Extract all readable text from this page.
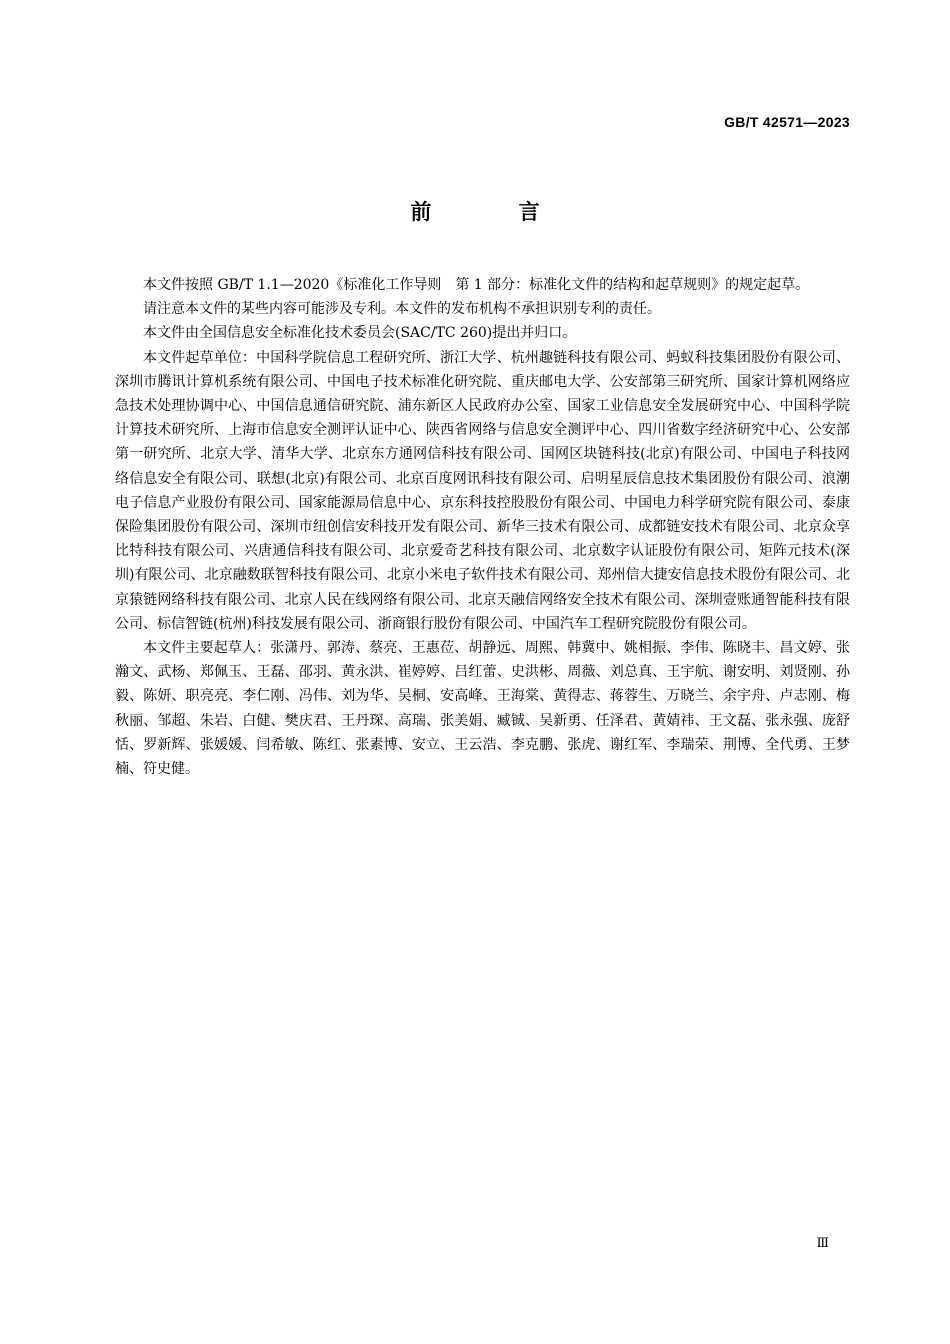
GB/T 42571—2023
前 言

本文件按照 GB/T 1.1—2020《标准化工作导则　第 1 部分：标准化文件的结构和起草规则》的规定起草。

请注意本文件的某些内容可能涉及专利。本文件的发布机构不承担识别专利的责任。

本文件由全国信息安全标准化技术委员会(SAC/TC 260)提出并归口。

本文件起草单位：中国科学院信息工程研究所、浙江大学、杭州趣链科技有限公司、蚂蚁科技集团股份有限公司、深圳市腾讯计算机系统有限公司、中国电子技术标准化研究院、重庆邮电大学、公安部第三研究所、国家计算机网络应急技术处理协调中心、中国信息通信研究院、浦东新区人民政府办公室、国家工业信息安全发展研究中心、中国科学院计算技术研究所、上海市信息安全测评认证中心、陕西省网络与信息安全测评中心、四川省数字经济研究中心、公安部第一研究所、北京大学、清华大学、北京东方通网信科技有限公司、国网区块链科技(北京)有限公司、中国电子科技网络信息安全有限公司、联想(北京)有限公司、北京百度网讯科技有限公司、启明星辰信息技术集团股份有限公司、浪潮电子信息产业股份有限公司、国家能源局信息中心、京东科技控股股份有限公司、中国电力科学研究院有限公司、泰康保险集团股份有限公司、深圳市纽创信安科技开发有限公司、新华三技术有限公司、成都链安技术有限公司、北京众享比特科技有限公司、兴唐通信科技有限公司、北京爱奇艺科技有限公司、北京数字认证股份有限公司、矩阵元技术(深圳)有限公司、北京融数联智科技有限公司、北京小米电子软件技术有限公司、郑州信大捷安信息技术股份有限公司、北京猿链网络科技有限公司、北京人民在线网络有限公司、北京天融信网络安全技术有限公司、深圳壹账通智能科技有限公司、标信智链(杭州)科技发展有限公司、浙商银行股份有限公司、中国汽车工程研究院股份有限公司。

本文件主要起草人：张潇丹、郭涛、蔡亮、王惠莅、胡静远、周熙、韩冀中、姚相振、李伟、陈晓丰、昌文婷、张瀚文、武杨、郑佩玉、王磊、邵羽、黄永洪、崔婷婷、吕红蕾、史洪彬、周薇、刘总真、王宇航、谢安明、刘贤刚、孙毅、陈妍、职亮亮、李仁刚、冯伟、刘为华、吴桐、安高峰、王海棠、黄得志、蒋蓉生、万晓兰、余宇舟、卢志刚、梅秋丽、邹超、朱岩、白健、樊庆君、王丹琛、高瑞、张美娟、臧铖、吴新勇、任泽君、黄婧祎、王文磊、张永强、庞舒恬、罗新辉、张媛媛、闫希敏、陈红、张素博、安立、王云浩、李克鹏、张虎、谢红军、李瑞荣、荆博、全代勇、王梦楠、符史健。

Ⅲ
